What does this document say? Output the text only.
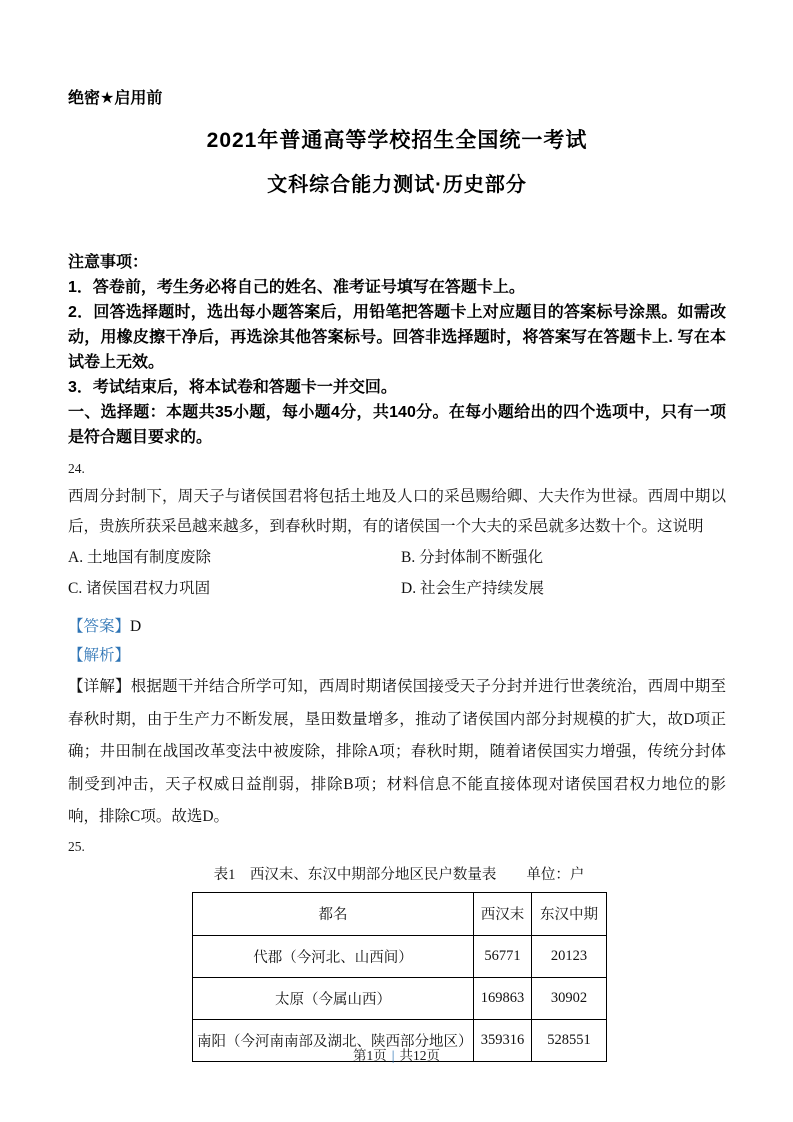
绝密★启用前
2021年普通高等学校招生全国统一考试
文科综合能力测试·历史部分
注意事项：
1．答卷前，考生务必将自己的姓名、准考证号填写在答题卡上。
2．回答选择题时，选出每小题答案后，用铅笔把答题卡上对应题目的答案标号涂黑。如需改动，用橡皮擦干净后，再选涂其他答案标号。回答非选择题时，将答案写在答题卡上. 写在本试卷上无效。
3．考试结束后，将本试卷和答题卡一并交回。
一、选择题：本题共35小题，每小题4分，共140分。在每小题给出的四个选项中，只有一项是符合题目要求的。
24.

西周分封制下，周天子与诸侯国君将包括土地及人口的采邑赐给卿、大夫作为世禄。西周中期以后，贵族所获采邑越来越多，到春秋时期，有的诸侯国一个大夫的采邑就多达数十个。这说明

A. 土地国有制度废除	B. 分封体制不断强化
C. 诸侯国君权力巩固	D. 社会生产持续发展
【答案】D
【解析】

【详解】根据题干并结合所学可知，西周时期诸侯国接受天子分封并进行世袭统治，西周中期至春秋时期，由于生产力不断发展，垦田数量增多，推动了诸侯国内部分封规模的扩大，故D项正确；井田制在战国改革变法中被废除，排除A项；春秋时期，随着诸侯国实力增强，传统分封体制受到冲击，天子权威日益削弱，排除B项；材料信息不能直接体现对诸侯国君权力地位的影响，排除C项。故选D。

25.
表1　西汉末、东汉中期部分地区民户数量表 单位：户
都名	西汉末	东汉中期
代郡（今河北、山西间）	56771	20123
太原（今属山西）	169863	30902
南阳（今河南南部及湖北、陕西部分地区）	359316	528551
第1页 | 共12页
